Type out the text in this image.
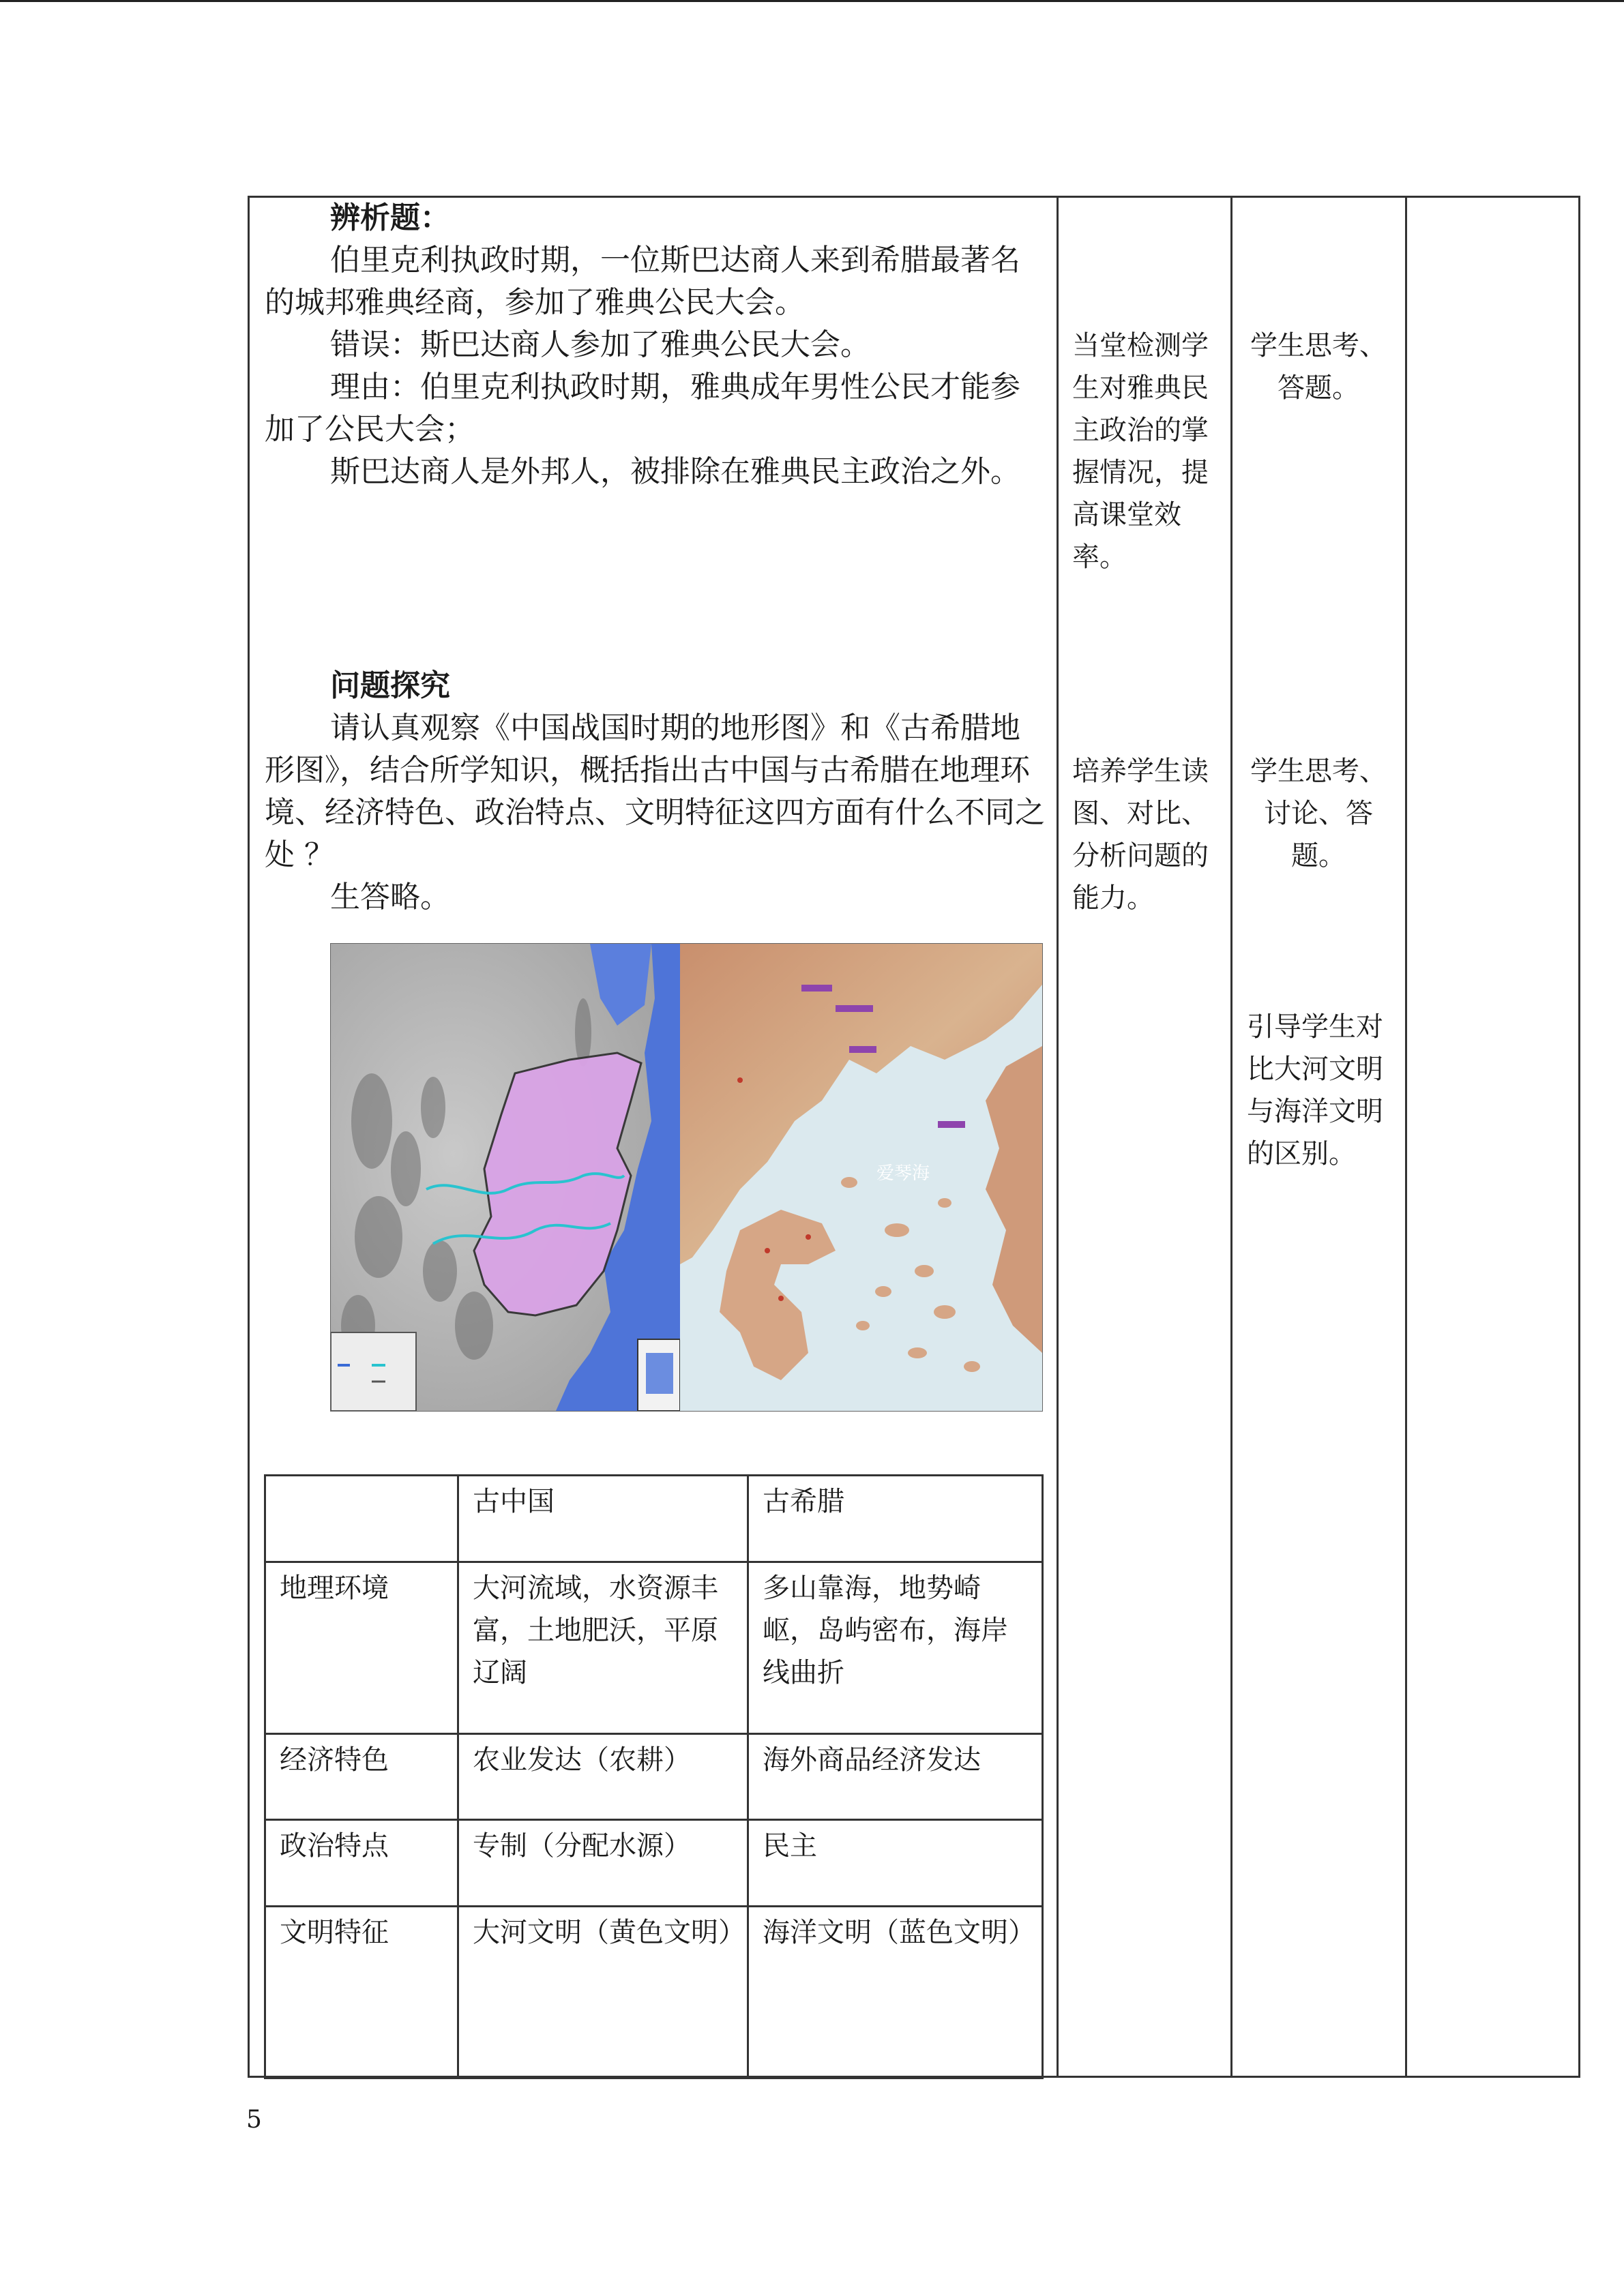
辨析题：

伯里克利执政时期，一位斯巴达商人来到希腊最著名的城邦雅典经商，参加了雅典公民大会。

错误：斯巴达商人参加了雅典公民大会。

理由：伯里克利执政时期，雅典成年男性公民才能参加了公民大会；

斯巴达商人是外邦人，被排除在雅典民主政治之外。

当堂检测学生对雅典民主政治的掌握情况，提高课堂效率。
学生思考、答题。

问题探究

请认真观察《中国战国时期的地形图》和《古希腊地形图》，结合所学知识，概括指出古中国与古希腊在地理环境、经济特色、政治特点、文明特征这四方面有什么不同之处 ？

生答略。

培养学生读图、对比、分析问题的能力。
学生思考、讨论、答题。
引导学生对比大河文明与海洋文明的区别。
爱琴海
	古中国	古希腊
地理环境	大河流域，水资源丰富，土地肥沃，平原辽阔	多山靠海，地势崎岖，岛屿密布，海岸线曲折
经济特色	农业发达（农耕）	海外商品经济发达
政治特点	专制（分配水源）	民主
文明特征	大河文明（黄色文明）	海洋文明（蓝色文明）
5
